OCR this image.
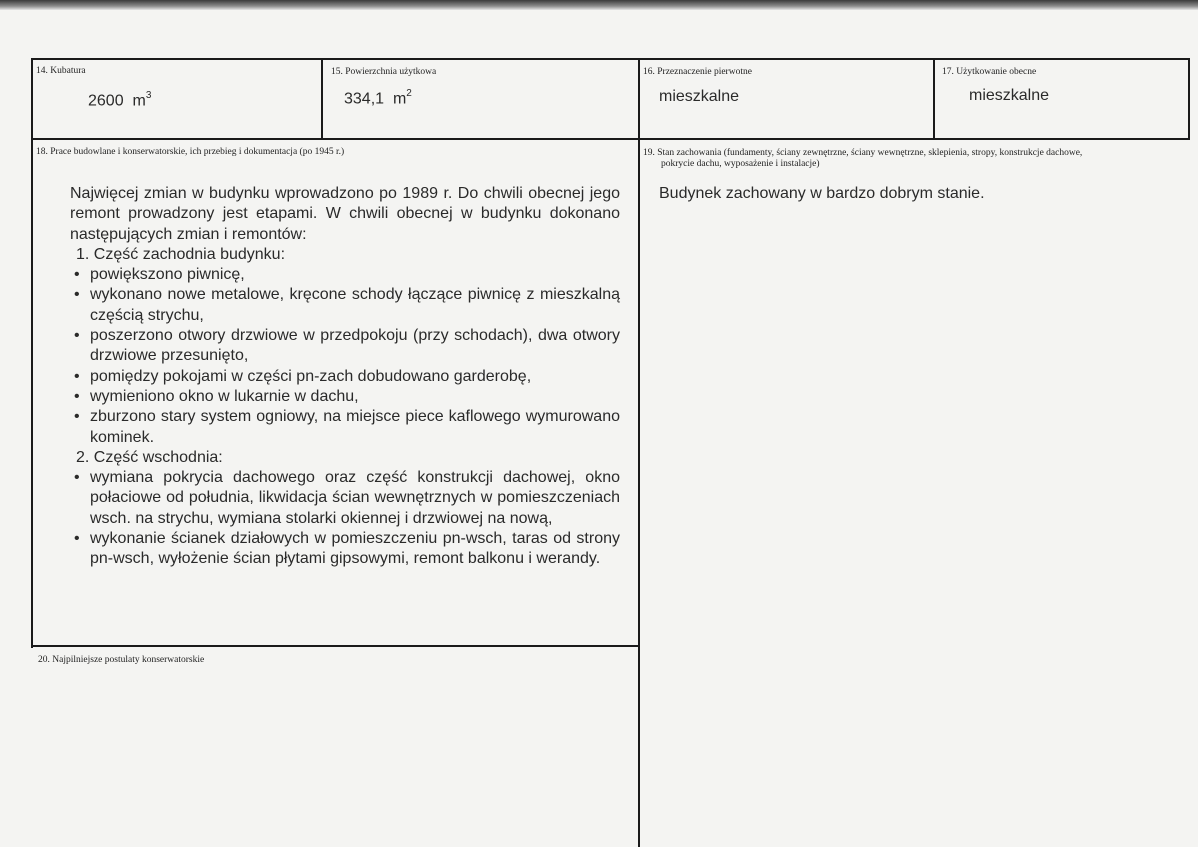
14. Kubatura
2600 $m^3$
15. Powierzchnia użytkowa
334,1 $m^2$
16. Przeznaczenie pierwotne
mieszkalne
17. Użytkowanie obecne
mieszkalne
18. Prace budowlane i konserwatorskie, ich przebieg i dokumentacja (po 1945 r.)

Najwięcej zmian w budynku wprowadzono po 1989 r. Do chwili obecnej jego remont prowadzony jest etapami. W chwili obecnej w budynku dokonano następujących zmian i remontów:

1. Część zachodnia budynku:

• powiększono piwnicę,
• wykonano nowe metalowe, kręcone schody łączące piwnicę z mieszkalną częścią strychu,
• poszerzono otwory drzwiowe w przedpokoju (przy schodach), dwa otwory drzwiowe przesunięto,
• pomiędzy pokojami w części pn-zach dobudowano garderobę,
• wymieniono okno w lukarnie w dachu,
• zburzono stary system ogniowy, na miejsce piece kaflowego wymurowano kominek.

2. Część wschodnia:

• wymiana pokrycia dachowego oraz część konstrukcji dachowej, okno połaciowe od południa, likwidacja ścian wewnętrznych w pomieszczeniach wsch. na strychu, wymiana stolarki okiennej i drzwiowej na nową,
• wykonanie ścianek działowych w pomieszczeniu pn-wsch, taras od strony pn-wsch, wyłożenie ścian płytami gipsowymi, remont balkonu i werandy.
19. Stan zachowania (fundamenty, ściany zewnętrzne, ściany wewnętrzne, sklepienia, stropy, konstrukcje dachowe,
pokrycie dachu, wyposażenie i instalacje)
Budynek zachowany w bardzo dobrym stanie.
20. Najpilniejsze postulaty konserwatorskie
